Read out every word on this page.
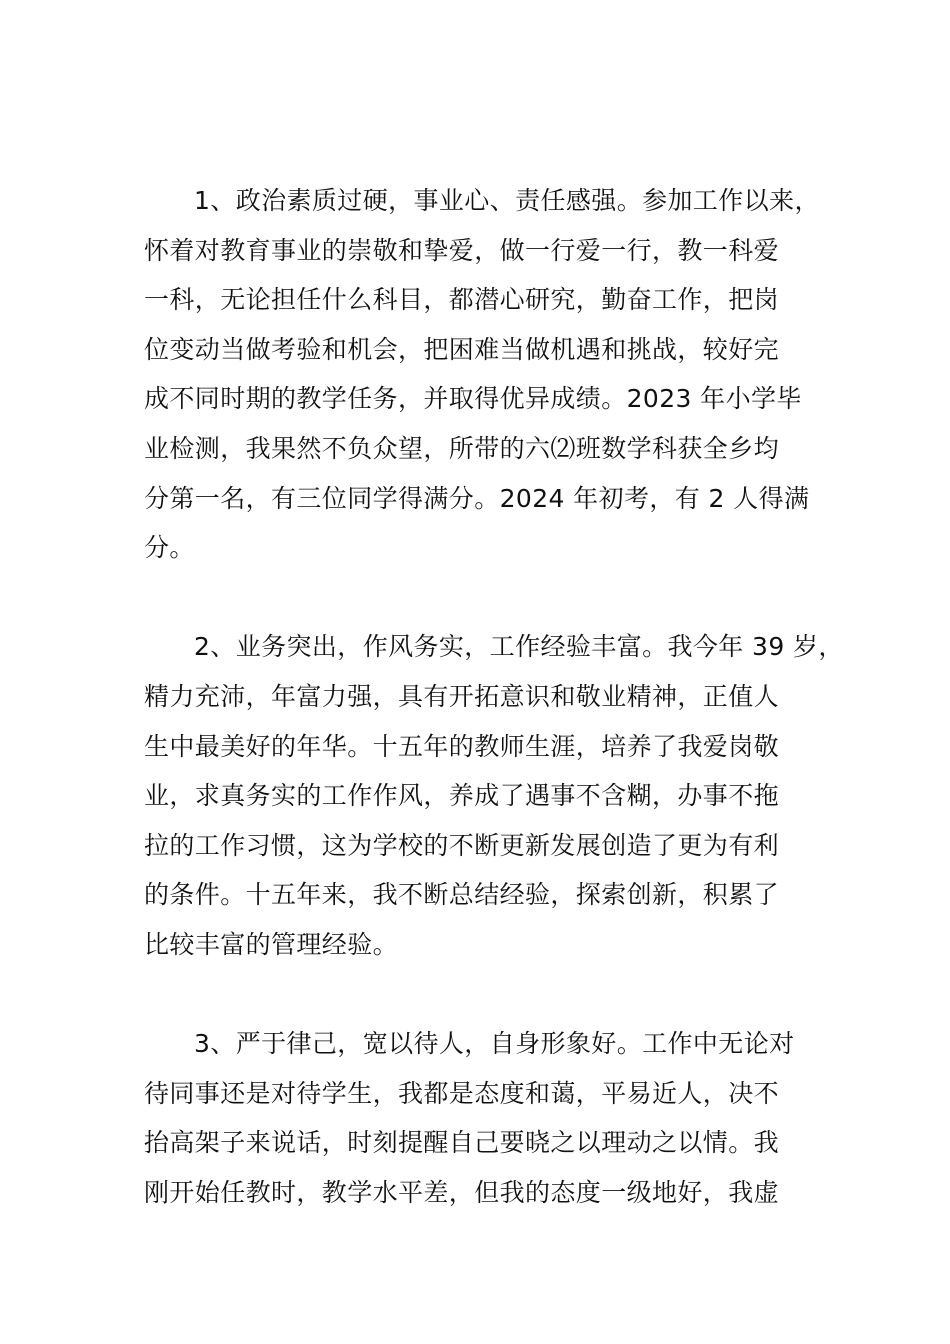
1、政治素质过硬，事业心、责任感强。参加工作以来，
怀着对教育事业的崇敬和挚爱，做一行爱一行，教一科爱
一科，无论担任什么科目，都潜心研究，勤奋工作，把岗
位变动当做考验和机会，把困难当做机遇和挑战，较好完
成不同时期的教学任务，并取得优异成绩。2023 年小学毕
业检测，我果然不负众望，所带的六⑵班数学科获全乡均
分第一名，有三位同学得满分。2024 年初考，有 2 人得满
分。
2、业务突出，作风务实，工作经验丰富。我今年 39 岁，
精力充沛，年富力强，具有开拓意识和敬业精神，正值人
生中最美好的年华。十五年的教师生涯，培养了我爱岗敬
业，求真务实的工作作风，养成了遇事不含糊，办事不拖
拉的工作习惯，这为学校的不断更新发展创造了更为有利
的条件。十五年来，我不断总结经验，探索创新，积累了
比较丰富的管理经验。
3、严于律己，宽以待人，自身形象好。工作中无论对
待同事还是对待学生，我都是态度和蔼，平易近人，决不
抬高架子来说话，时刻提醒自己要晓之以理动之以情。我
刚开始任教时，教学水平差，但我的态度一级地好，我虚
